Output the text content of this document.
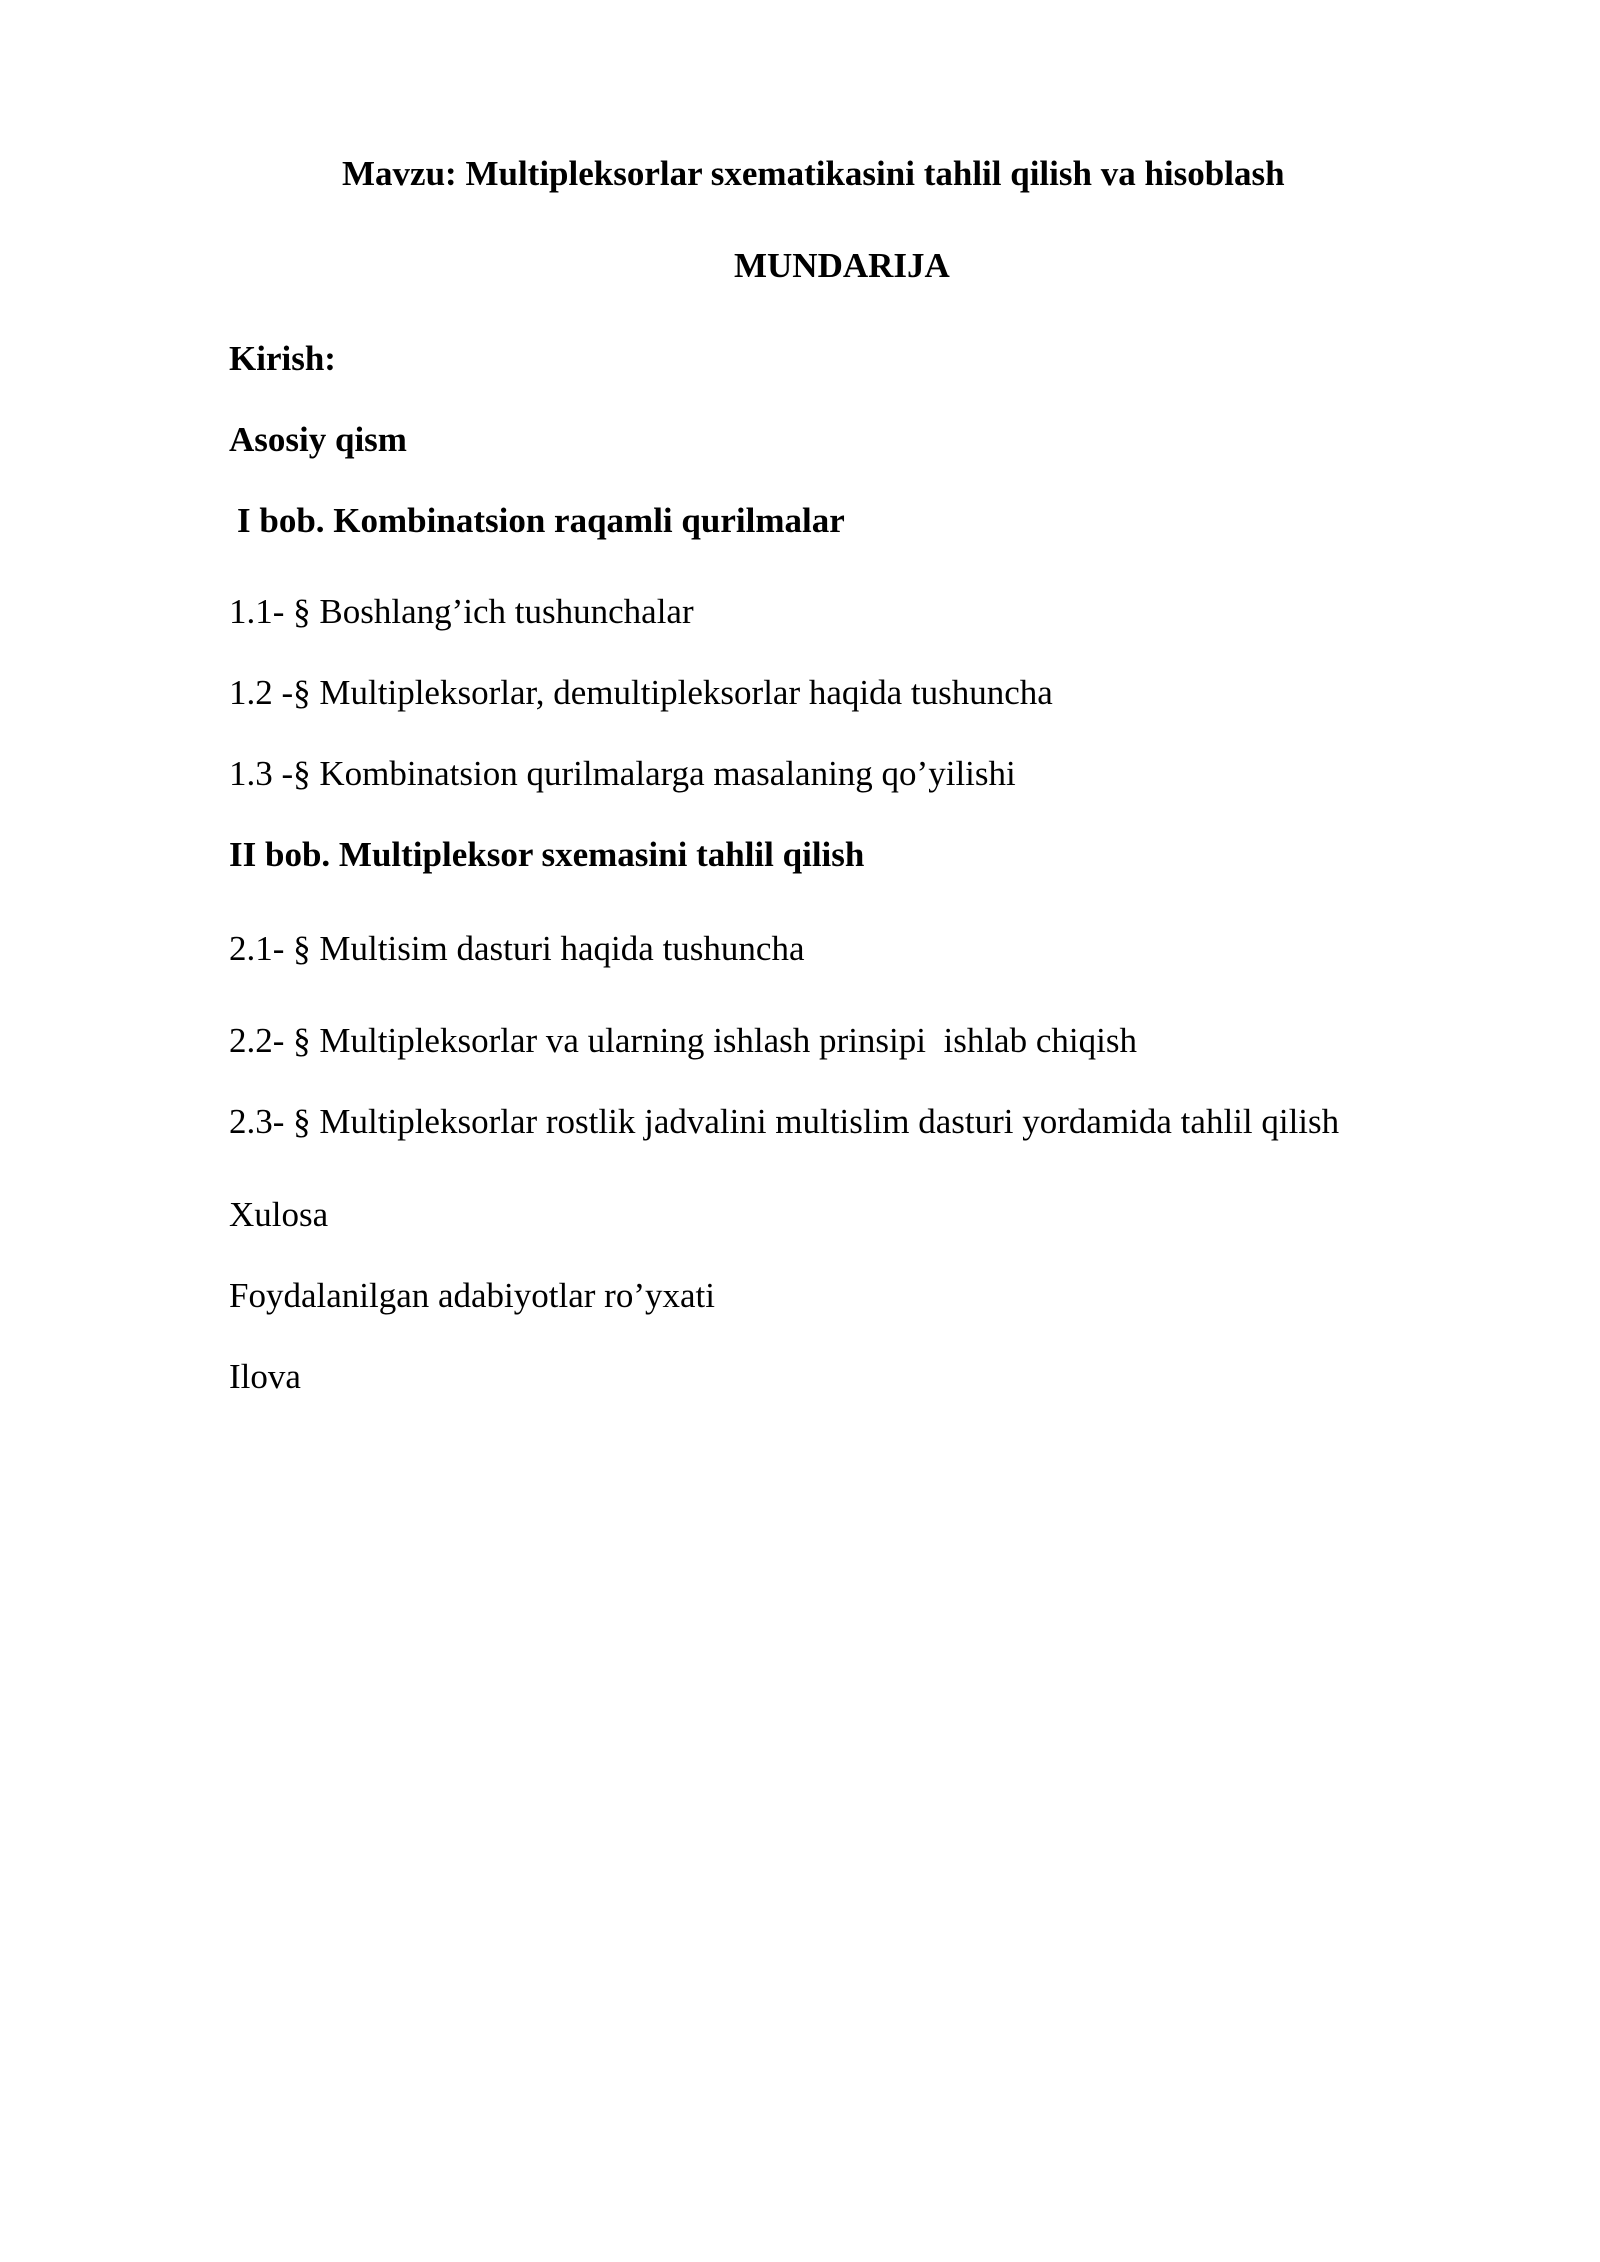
Mavzu: Multipleksorlar sxematikasini tahlil qilish va hisoblash
MUNDARIJA
Kirish:
Asosiy qism
I bob. Kombinatsion raqamli qurilmalar
1.1- § Boshlang’ich tushunchalar
1.2 -§ Multipleksorlar, demultipleksorlar haqida tushuncha
1.3 -§ Kombinatsion qurilmalarga masalaning qo’yilishi
II bob. Multipleksor sxemasini tahlil qilish
2.1- § Multisim dasturi haqida tushuncha
2.2- § Multipleksorlar va ularning ishlash prinsipi  ishlab chiqish
2.3- § Multipleksorlar rostlik jadvalini multislim dasturi yordamida tahlil qilish
Xulosa
Foydalanilgan adabiyotlar ro’yxati
Ilova
